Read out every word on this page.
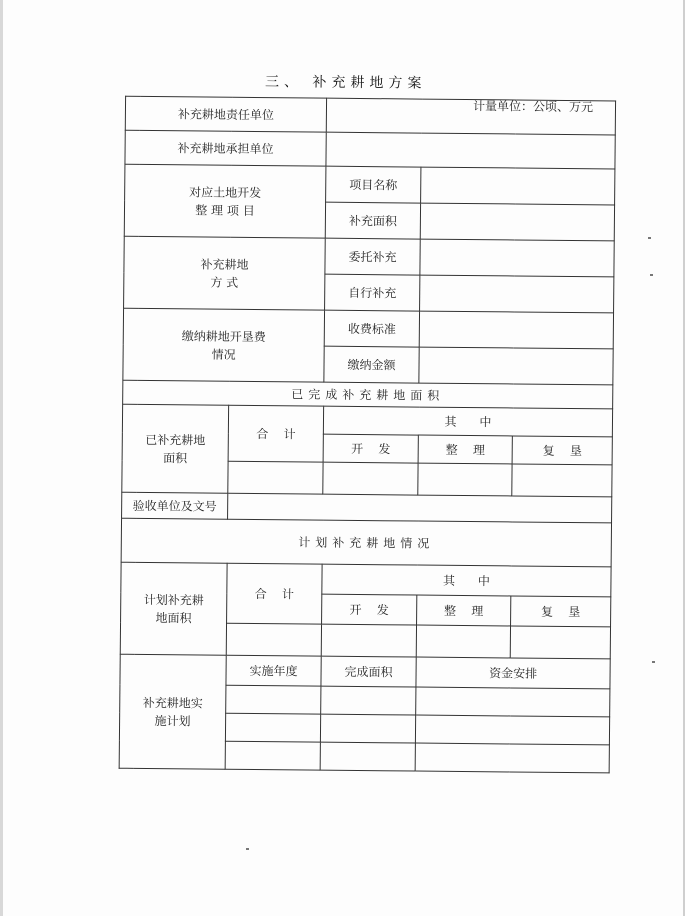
三、 补充耕地方案
计量单位：公顷、万元
补充耕地责任单位				
补充耕地承担单位				

对应土地开发整 理 项 目		项目名称		
		补充面积		

补充耕地方 式		委托补充		
		自行补充		

缴纳耕地开垦费情况		收费标准		
		缴纳金额		
已完成补充耕地面积				

已补充耕地面积	合    计	其      中		
		开    发	整    理	复    垦

验收单位及文号				
计划补充耕地情况				

计划补充耕地面积	合    计	其      中		
		开    发	整    理	复    垦

补充耕地实施计划	实施年度	完成面积	资金安排	
